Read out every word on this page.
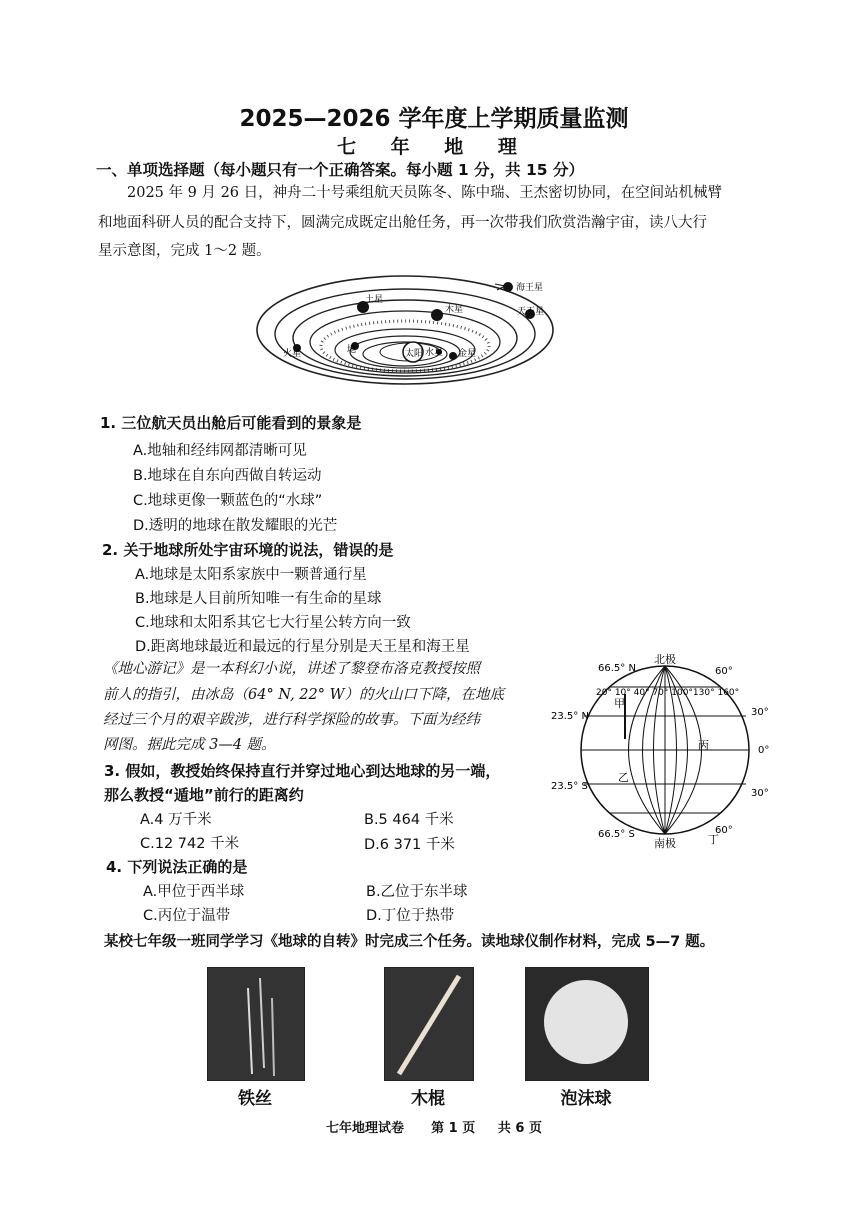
2025—2026 学年度上学期质量监测
七 年 地 理
一、单项选择题（每小题只有一个正确答案。每小题 1 分，共 15 分）
2025 年 9 月 26 日，神舟二十号乘组航天员陈冬、陈中瑞、王杰密切协同，在空间站机械臂
和地面科研人员的配合支持下，圆满完成既定出舱任务，再一次带我们欣赏浩瀚宇宙，读八大行
星示意图，完成 1～2 题。
太阳 水星 金星
地
火星
木星
土星
天王星
海王星
1. 三位航天员出舱后可能看到的景象是
A.地轴和经纬网都清晰可见
B.地球在自东向西做自转运动
C.地球更像一颗蓝色的“水球”
D.透明的地球在散发耀眼的光芒
2. 关于地球所处宇宙环境的说法，错误的是
A.地球是太阳系家族中一颗普通行星
B.地球是人目前所知唯一有生命的星球
C.地球和太阳系其它七大行星公转方向一致
D.距离地球最近和最远的行星分别是天王星和海王星
《地心游记》是一本科幻小说，讲述了黎登布洛克教授按照
前人的指引，由冰岛（64° N, 22° W）的火山口下降，在地底
经过三个月的艰辛跋涉，进行科学探险的故事。下面为经纬
网图。据此完成 3—4 题。
3. 假如，教授始终保持直行并穿过地心到达地球的另一端，
那么教授“遁地”前行的距离约
A.4 万千米	B.5 464 千米
C.12 742 千米	D.6 371 千米
4. 下列说法正确的是
A.甲位于西半球	B.乙位于东半球
C.丙位于温带	D.丁位于热带
北极
南极
66.5° N
23.5° N
23.5° S
66.5° S
20° 10° 40° 70° 100°130° 160°
60°
30°
0°
30°
60°
甲
乙
丙
丁
某校七年级一班同学学习《地球的自转》时完成三个任务。读地球仪制作材料，完成 5—7 题。
铁丝	木棍	泡沫球
七年地理试卷 第 1 页 共 6 页
